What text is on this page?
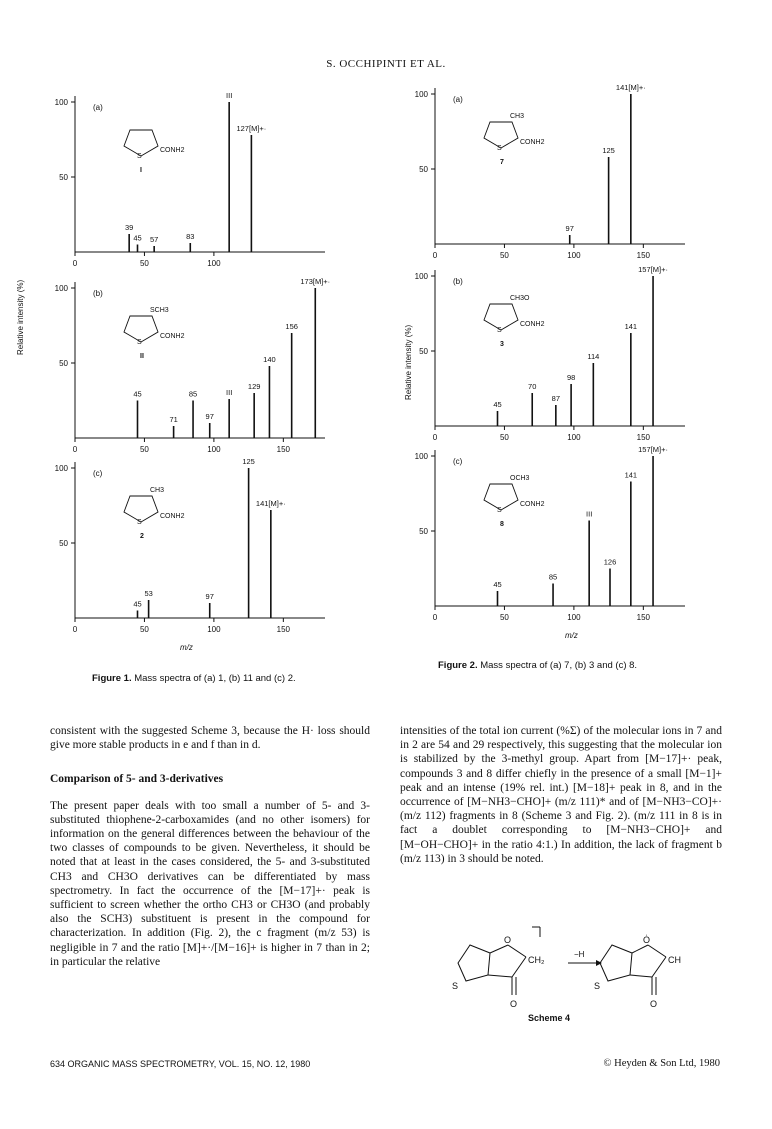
S. OCCHIPINTI ET AL.
0	50	100
50
100
(a)
S
CONH2
I
39
45 57	83
III
127[M]+·
0	50	100	150
50
100
(b)
S
CONH2
SCH3
II
45
71
85
97
III
129
140
156
173[M]+·
0	50	100	150
50
100
(c)
S
CONH2
CH3
2
45
53	97
125
141[M]+·
0	50	100	150
50
100
(a)
S
CONH2
CH3
7
97
125
141[M]+·
0	50	100	150
50
100
(b)
S
CONH2
CH3O
3
45
70
87
98
114
141
157[M]+·
0	50	100	150
50
100
(c)
S
CONH2
OCH3
8
45
85
III
126
141
157[M]+·
Relative intensity (%)
Relative intensity (%)
m/z
m/z
Figure 1. Mass spectra of (a) 1, (b) 11 and (c) 2.
Figure 2. Mass spectra of (a) 7, (b) 3 and (c) 8.

consistent with the suggested Scheme 3, because the H· loss should give more stable products in e and f than in d.

Comparison of 5- and 3-derivatives

The present paper deals with too small a number of 5- and 3-substituted thiophene-2-carboxamides (and no other isomers) for information on the general differences between the behaviour of the two classes of compounds to be given. Nevertheless, it should be noted that at least in the cases considered, the 5- and 3-substituted CH3 and CH3O derivatives can be differentiated by mass spectrometry. In fact the occurrence of the [M−17]+· peak is sufficient to screen whether the ortho CH3 or CH3O (and probably also the SCH3) substituent is present in the compound for characterization. In addition (Fig. 2), the c fragment (m/z 53) is negligible in 7 and the ratio [M]+·/[M−16]+ is higher in 7 than in 2; in particular the relative

intensities of the total ion current (%Σ) of the molecular ions in 7 and in 2 are 54 and 29 respectively, this suggesting that the molecular ion is stabilized by the 3-methyl group. Apart from [M−17]+· peak, compounds 3 and 8 differ chiefly in the presence of a small [M−1]+ peak and an intense (19% rel. int.) [M−18]+ peak in 8, and in the occurrence of [M−NH3−CHO]+ (m/z 111)* and of [M−NH3−CO]+· (m/z 112) fragments in 8 (Scheme 3 and Fig. 2). (m/z 111 in 8 is in fact a doublet corresponding to [M−NH3−CHO]+ and [M−OH−CHO]+ in the ratio 4:1.) In addition, the lack of fragment b (m/z 113) in 3 should be noted.

O
CH₂
S
O
−H
Ȯ
CH
S
O
Scheme 4
634 ORGANIC MASS SPECTROMETRY, VOL. 15, NO. 12, 1980	© Heyden & Son Ltd, 1980
